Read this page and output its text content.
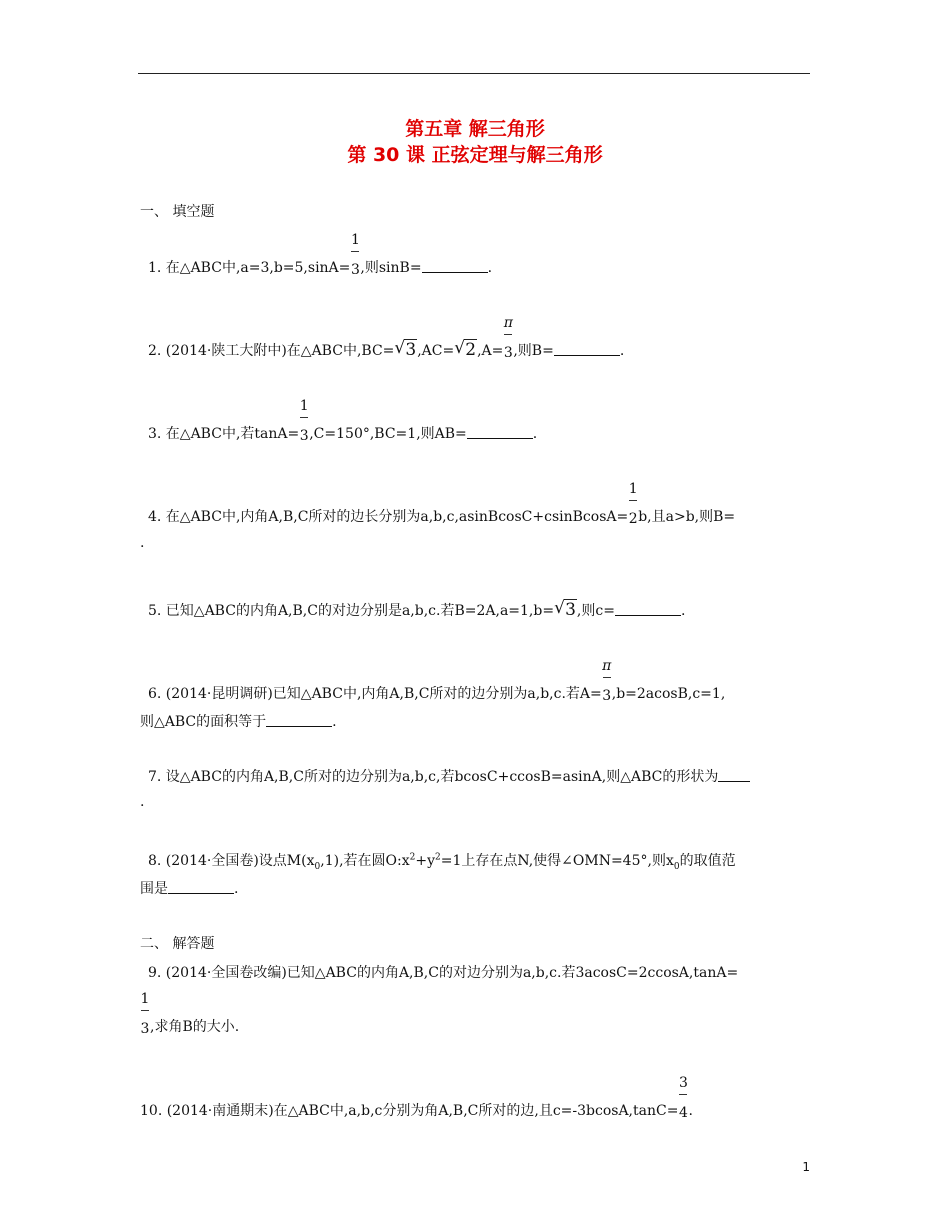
第五章 解三角形
第 30 课 正弦定理与解三角形
一、 填空题
1. 在△ABC中$,a=3,b=5,\sin A= \frac{1}{3}$,则sinB=	.
2. (2014·陕工大附中)在△ABC中,BC= √ 3,AC= √ $2,A= \frac{\pi}{3}$,则B=	.
3. 在△ABC中,若$\tan A= \frac{1}{3},C=150^\circ,BC=1$,则AB=	.
4. 在△ABC中,内角A,B,C所对的边长分别为a,b,c,asinBcosC+csinBcosA= $\frac{1}{2}b$,且a>b,则B=
.
5. 已知△ABC的内角A,B,C的对边分别是a,b,c.若B=2A,a=1,b= √ 3,则c=	.
6. (2014·昆明调研)已知△ABC中,内角A,B,C所对的边分别为a,b,c.若$A= \frac{\pi}{3},b=2acosB,c=1$,
则△ABC的面积等于	.
7. 设△ABC的内角A,B,C所对的边分别为a,b,c,若bcosC+ccosB=asinA,则△ABC的形状为
.
8. (2014·全国卷)设点$M(x_0,1)$,若在圆$O:x^2+y^2=1$上存在点N,使得∠OMN=45°,则$x_0$的取值范
围是	.
二、 解答题
9. (2014·全国卷改编)已知△ABC的内角A,B,C的对边分别为a,b,c.若3acosC=2ccosA,tanA=
$\frac{1}{3}$,求角B的大小.
10. (2014·南通期末)在△ABC中,a,b,c分别为角A,B,C所对的边,且$c=-3bcosA,\tan C= \frac{3}{4}$.
1
